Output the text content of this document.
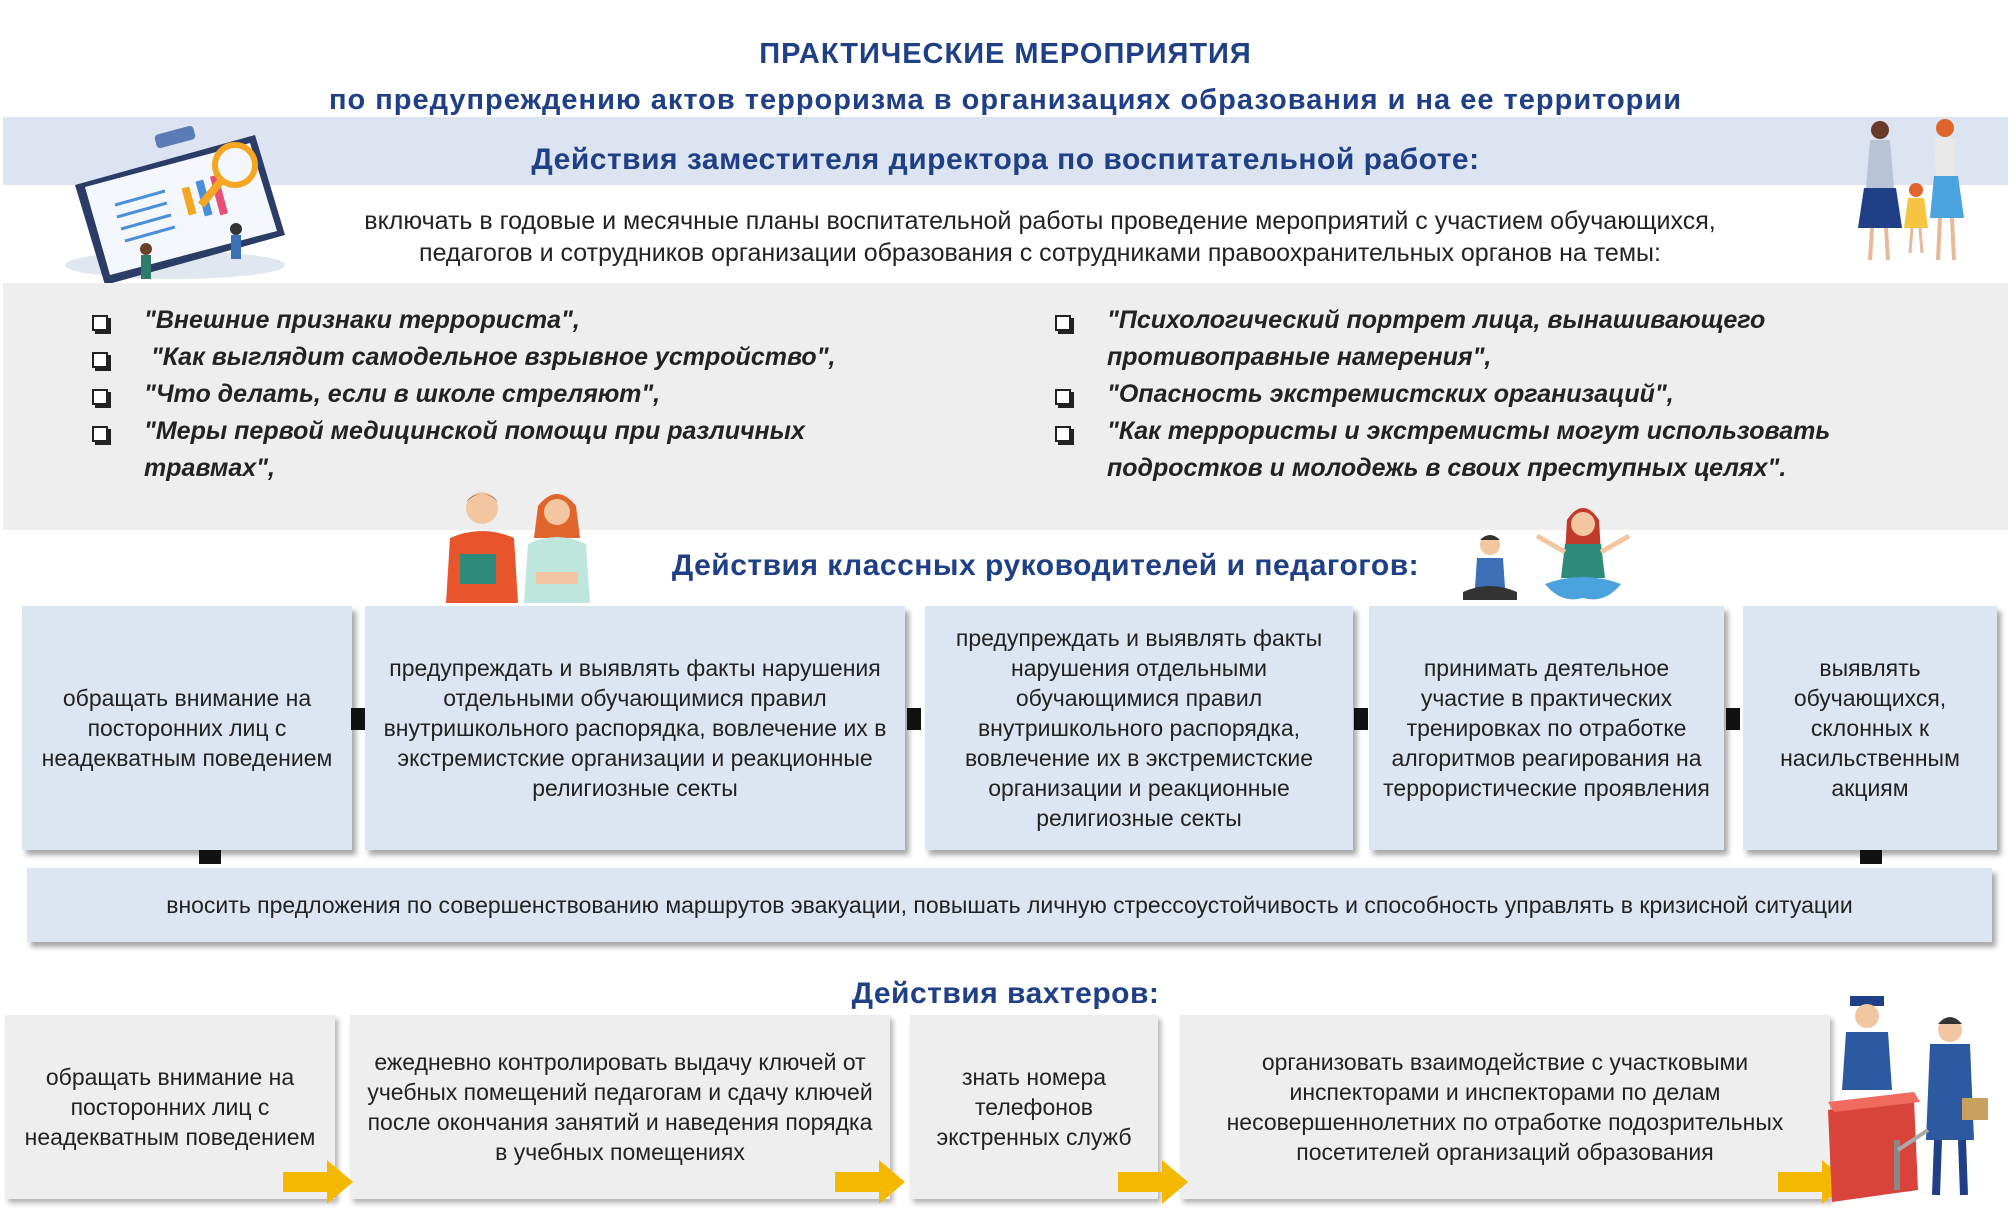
ПРАКТИЧЕСКИЕ МЕРОПРИЯТИЯ
по предупреждению актов терроризма в организациях образования и на ее территории
Действия заместителя директора по воспитательной работе:
включать в годовые и месячные планы воспитательной работы проведение мероприятий с участием обучающихся,
педагогов и сотрудников организации образования с сотрудниками правоохранительных органов на темы:
"Внешние признаки террориста",
"Как выглядит самодельное взрывное устройство",
"Что делать, если в школе стреляют",
"Меры первой медицинской помощи при различных травмах",
"Психологический портрет лица, вынашивающего противоправные намерения",
"Опасность экстремистских организаций",
"Как террористы и экстремисты могут использовать подростков и молодежь в своих преступных целях".
Действия классных руководителей и педагогов:
обращать внимание на посторонних лиц с неадекватным поведением
предупреждать и выявлять факты нарушения отдельными обучающимися правил внутришкольного распорядка, вовлечение их в экстремистские организации и реакционные религиозные секты
предупреждать и выявлять факты нарушения отдельными обучающимися правил внутришкольного распорядка, вовлечение их в экстремистские организации и реакционные религиозные секты
принимать деятельное участие в практических тренировках по отработке алгоритмов реагирования на террористические проявления
выявлять обучающихся, склонных к насильственным акциям
вносить предложения по совершенствованию маршрутов эвакуации, повышать личную стрессоустойчивость и способность управлять в кризисной ситуации
Действия вахтеров:
обращать внимание на посторонних лиц с неадекватным поведением
ежедневно контролировать выдачу ключей от учебных помещений педагогам и сдачу ключей после окончания занятий и наведения порядка в учебных помещениях
знать номера телефонов экстренных служб
организовать взаимодействие с участковыми инспекторами и инспекторами по делам несовершеннолетних по отработке подозрительных посетителей организаций образования
